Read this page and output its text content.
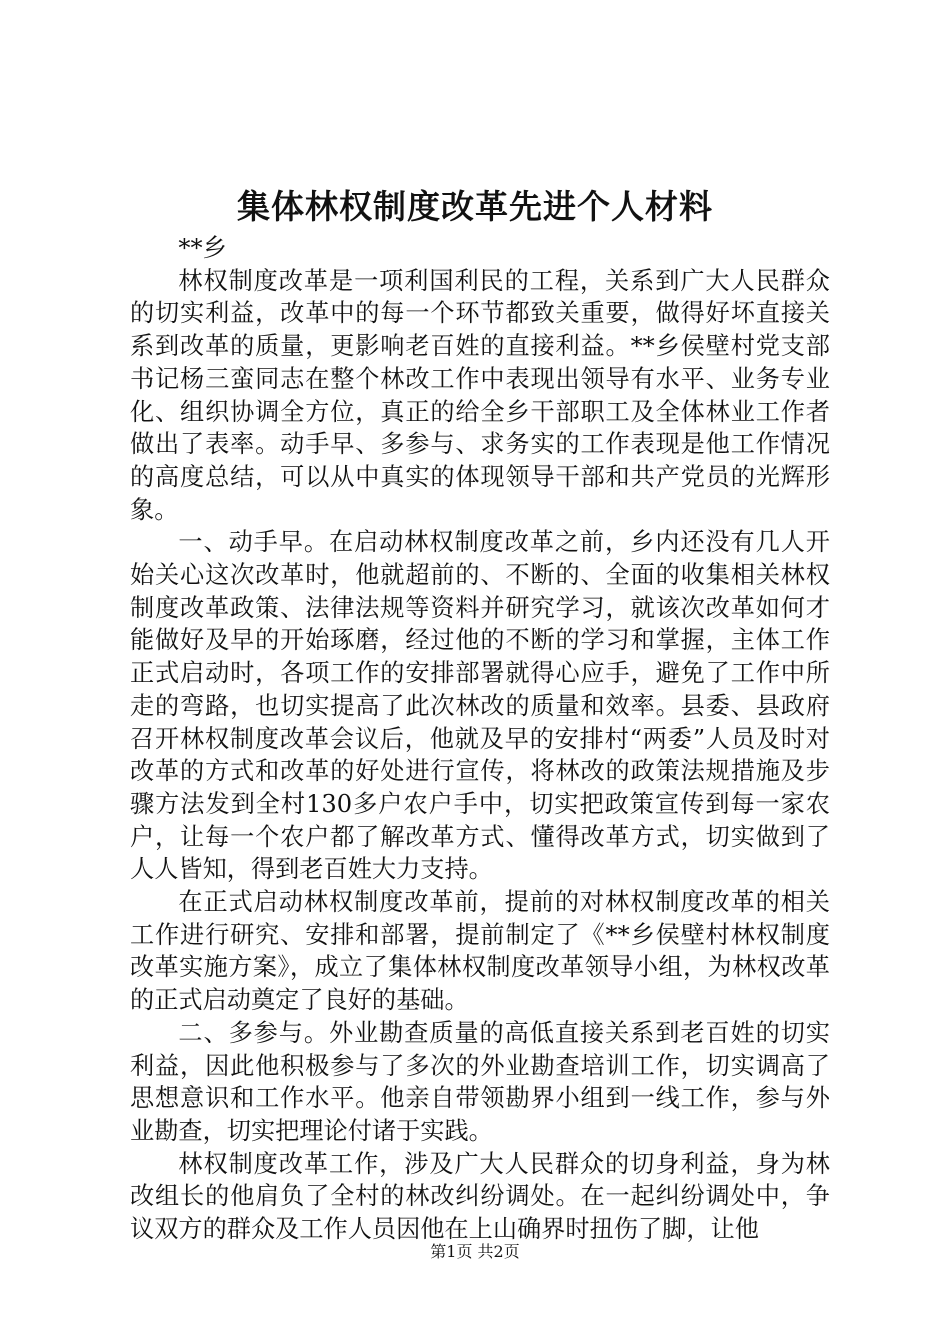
集体林权制度改革先进个人材料

**乡

林权制度改革是一项利国利民的工程，关系到广大人民群众的切实利益，改革中的每一个环节都致关重要，做得好坏直接关系到改革的质量，更影响老百姓的直接利益。**乡侯壁村党支部书记杨三蛮同志在整个林改工作中表现出领导有水平、业务专业化、组织协调全方位，真正的给全乡干部职工及全体林业工作者做出了表率。动手早、多参与、求务实的工作表现是他工作情况的高度总结，可以从中真实的体现领导干部和共产党员的光辉形象。

一、动手早。在启动林权制度改革之前，乡内还没有几人开始关心这次改革时，他就超前的、不断的、全面的收集相关林权制度改革政策、法律法规等资料并研究学习，就该次改革如何才能做好及早的开始琢磨，经过他的不断的学习和掌握，主体工作正式启动时，各项工作的安排部署就得心应手，避免了工作中所走的弯路，也切实提高了此次林改的质量和效率。县委、县政府召开林权制度改革会议后，他就及早的安排村“两委”人员及时对改革的方式和改革的好处进行宣传，将林改的政策法规措施及步骤方法发到全村130多户农户手中，切实把政策宣传到每一家农户，让每一个农户都了解改革方式、懂得改革方式，切实做到了人人皆知，得到老百姓大力支持。

在正式启动林权制度改革前，提前的对林权制度改革的相关工作进行研究、安排和部署，提前制定了《**乡侯壁村林权制度改革实施方案》，成立了集体林权制度改革领导小组，为林权改革的正式启动奠定了良好的基础。

二、多参与。外业勘查质量的高低直接关系到老百姓的切实利益，因此他积极参与了多次的外业勘查培训工作，切实调高了思想意识和工作水平。他亲自带领勘界小组到一线工作，参与外业勘查，切实把理论付诸于实践。

林权制度改革工作，涉及广大人民群众的切身利益，身为林改组长的他肩负了全村的林改纠纷调处。在一起纠纷调处中，争议双方的群众及工作人员因他在上山确界时扭伤了脚，让他

第1页 共2页
